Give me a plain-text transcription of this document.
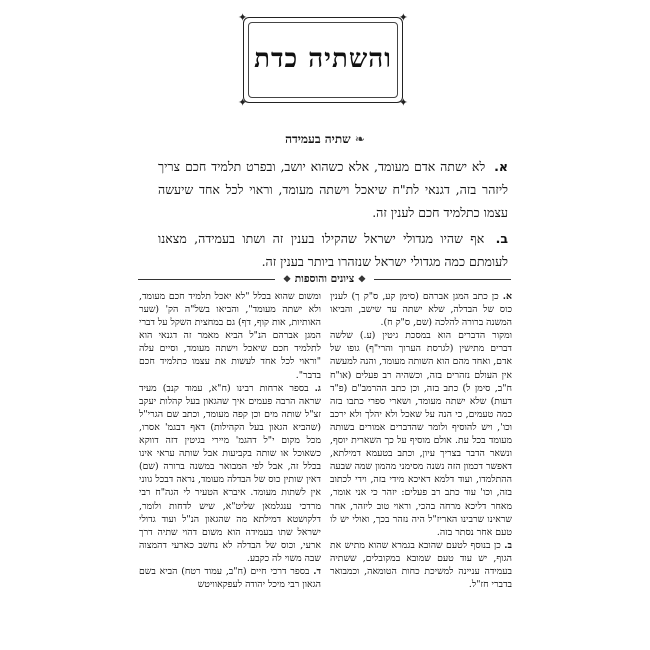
✦	✦
✦	✦
והשתיה כדת
❧ שתיה בעמידה
א. לא ישתה אדם מעומד, אלא כשהוא יושב, ובפרט תלמיד חכם צריך ליזהר בזה, דגנאי לת"ח שיאכל וישתה מעומד, וראוי לכל אחד שיעשה עצמו כתלמיד חכם לענין זה.
ב. אף שהיו מגדולי ישראל שהקילו בענין זה ושתו בעמידה, מצאנו לעומתם כמה מגדולי ישראל שנזהרו ביותר בענין זה.
❖ ציונים והוספות ❖

א. כן כתב המגן אברהם (סימן קע, ס"ק ך) לענין כוס של הבדלה, שלא ישתה עד שישב, והביאו המשנה ברורה להלכה (שם, ס"ק ח).

ומקור הדברים הוא במסכת גיטין (ע.) שלשה דברים מתישין (לגרסת הערוך והרי"ף) גופו של אדם, ואחד מהם הוא השותה מעומד, והנה למעשה אין העולם נזהרים בזה, וכשהיה רב פעלים (או"ח ח"ב, סימן ל) כתב בזה, וכן כתב ההרמב"ם (פ"ד דעות) שלא ישתה מעומד, ושארי ספרי כתבו בזה כמה טעמים, כי הנה על שאכל ולא יהלך ולא ירכב וכו', ויש להוסיף ולומר שהדברים אמורים בשותה מעומד בכל עת. אולם מוסיף על כך השארית יוסף, ונשאר הדבר בצריך עיון, וכתב בטעמא דמילתא, דאפשר דכמון הזה נשנה מסימני מהמון שמה שבעה ההתלמדו, ועוד דלמא דאיכא מידי בזה, וידי לכתוב בזה, וכו' עוד כתב רב פעלים: יזהר כי אני אומר, מאחר דליכא מרחה בהכי, וראוי טוב ליזהר, אחר שראינו שרבינו האריז"ל היה נזהר בכך, ואולי יש לו טעם אחר נסתר בזה.

ב. כן בנוסף לטעם שהובא בגמרא שהוא מתיש את הגוף, יש עוד טעם שמובא במקובלים, ששתיה בעמידה עניינה למשיכת כחות הטומאה, וכמבואר בדברי חז"ל.

ומשום שהוא בכלל "לא יאכל תלמיד חכם מעומד, ולא ישתה מעומד", והביאו בשל"ה הק' (שער האותיות, אות קוף, דף) גם במחצית השקל על דברי המגן אברהם הנ"ל הביא מאמר זה דגנאי הוא לתלמיד חכם שיאכל וישתה מעומד, וסיים עלה "וראוי לכל אחד לעשות את עצמו כתלמיד חכם בדבר".

ג. בספר ארחות רבינו (ח"א, עמוד קנב) מעיד שראה הרבה פעמים איך שהגאון בעל קהלות יעקב זצ"ל שותה מים וכן קפה מעומד, וכתב שם הגרי"ל (שהביא הגאון בעל הקהילות) דאף דבגמ' אסרו, מכל מקום י"ל דהגמ' מיירי בגיטין דזה דווקא כשאוכל או שותה בקביעות אבל שותה עראי אינו בכלל זה, אבל לפי המבואר במשנה ברורה (שם) דאין שותין כוס של הבדלה מעומד, נראה דבכל גווני אין לשתות מעומד. איברא הטעיר לי הגה"ח רבי מרדכי ענגלמאן שליט"א, שיש לדחות ולומר, דלקושטא דמילתא מה שהגאון הנ"ל ועוד גדולי ישראל שתו בעמידה הוא משום דהוי שתיה דרך ארעי, וכוס של הבדלה לא נחשב כארעי דהמצוה שבה משוי לה כקבע.

ד. בספר דרכי חיים (ח"ב, עמוד רטח) הביא בשם הגאון רבי מיכל יהודה לעפקאוויטש
